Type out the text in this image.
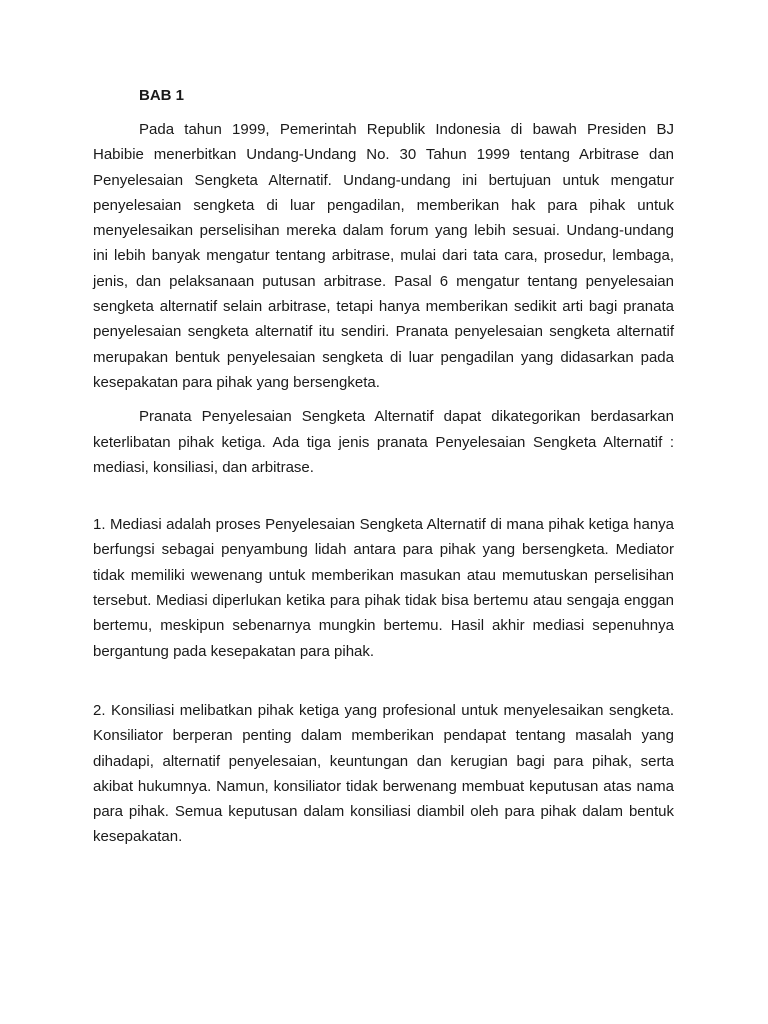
BAB 1

Pada tahun 1999, Pemerintah Republik Indonesia di bawah Presiden BJ Habibie menerbitkan Undang-Undang No. 30 Tahun 1999 tentang Arbitrase dan Penyelesaian Sengketa Alternatif. Undang-undang ini bertujuan untuk mengatur penyelesaian sengketa di luar pengadilan, memberikan hak para pihak untuk menyelesaikan perselisihan mereka dalam forum yang lebih sesuai. Undang-undang ini lebih banyak mengatur tentang arbitrase, mulai dari tata cara, prosedur, lembaga, jenis, dan pelaksanaan putusan arbitrase. Pasal 6 mengatur tentang penyelesaian sengketa alternatif selain arbitrase, tetapi hanya memberikan sedikit arti bagi pranata penyelesaian sengketa alternatif itu sendiri. Pranata penyelesaian sengketa alternatif merupakan bentuk penyelesaian sengketa di luar pengadilan yang didasarkan pada kesepakatan para pihak yang bersengketa.

Pranata Penyelesaian Sengketa Alternatif dapat dikategorikan berdasarkan keterlibatan pihak ketiga. Ada tiga jenis pranata Penyelesaian Sengketa Alternatif : mediasi, konsiliasi, dan arbitrase.

1. Mediasi adalah proses Penyelesaian Sengketa Alternatif di mana pihak ketiga hanya berfungsi sebagai penyambung lidah antara para pihak yang bersengketa. Mediator tidak memiliki wewenang untuk memberikan masukan atau memutuskan perselisihan tersebut. Mediasi diperlukan ketika para pihak tidak bisa bertemu atau sengaja enggan bertemu, meskipun sebenarnya mungkin bertemu. Hasil akhir mediasi sepenuhnya bergantung pada kesepakatan para pihak.

2. Konsiliasi melibatkan pihak ketiga yang profesional untuk menyelesaikan sengketa. Konsiliator berperan penting dalam memberikan pendapat tentang masalah yang dihadapi, alternatif penyelesaian, keuntungan dan kerugian bagi para pihak, serta akibat hukumnya. Namun, konsiliator tidak berwenang membuat keputusan atas nama para pihak. Semua keputusan dalam konsiliasi diambil oleh para pihak dalam bentuk kesepakatan.
